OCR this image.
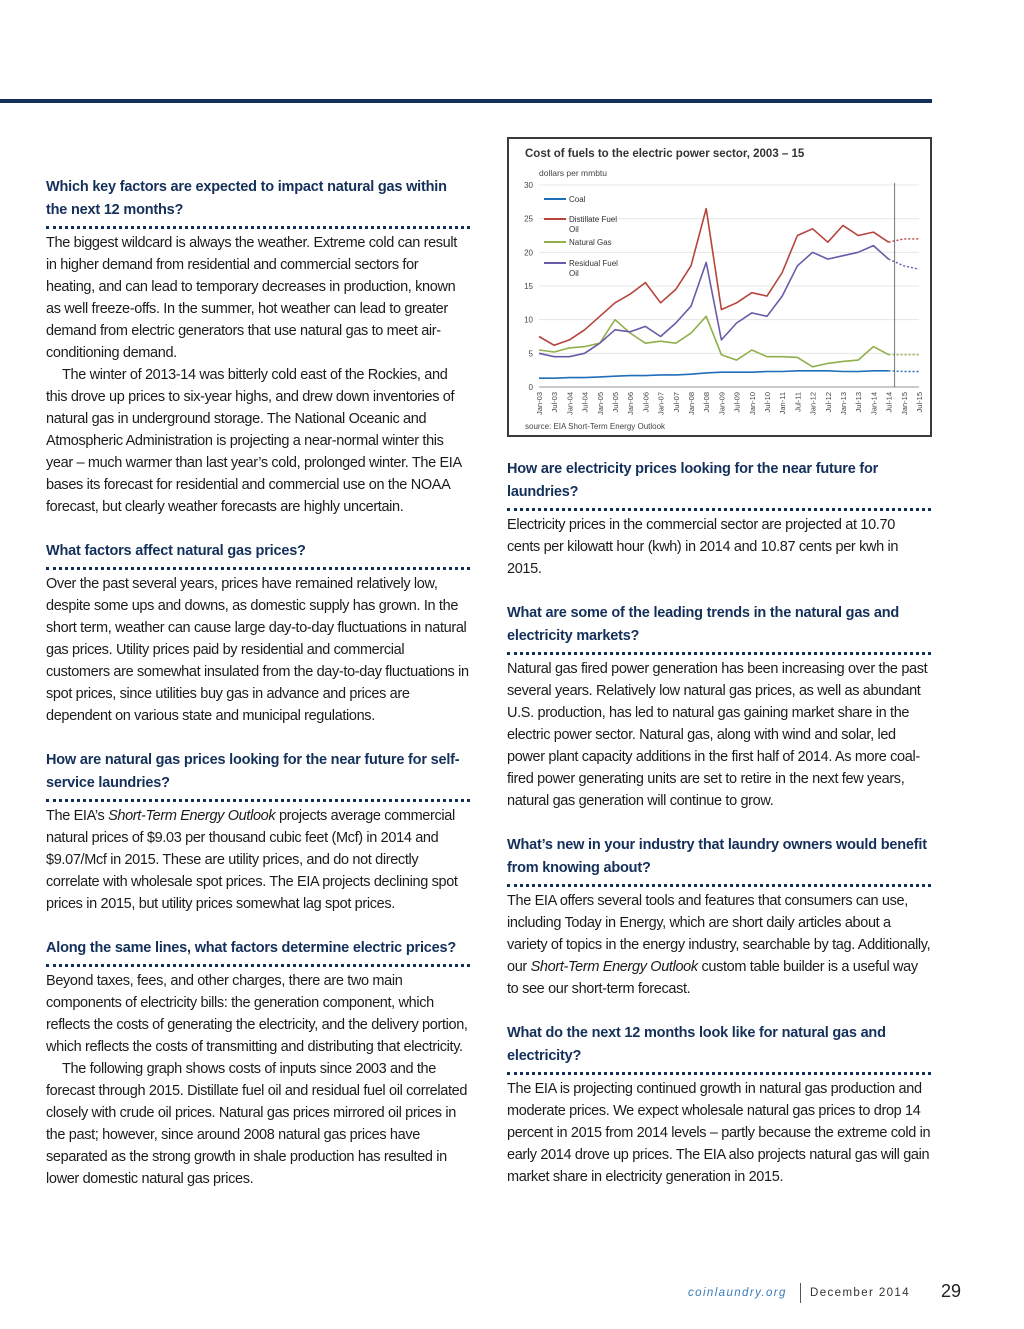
Which key factors are expected to impact natural gas within the next 12 months?
The biggest wildcard is always the weather. Extreme cold can result in higher demand from residential and commercial sectors for heating, and can lead to temporary decreases in production, known as well freeze-offs. In the summer, hot weather can lead to greater demand from electric generators that use natural gas to meet air-conditioning demand.
The winter of 2013-14 was bitterly cold east of the Rockies, and this drove up prices to six-year highs, and drew down inventories of natural gas in underground storage. The National Oceanic and Atmospheric Administration is projecting a near-normal winter this year – much warmer than last year’s cold, prolonged winter. The EIA bases its forecast for residential and commercial use on the NOAA forecast, but clearly weather forecasts are highly uncertain.
What factors affect natural gas prices?
Over the past several years, prices have remained relatively low, despite some ups and downs, as domestic supply has grown. In the short term, weather can cause large day-to-day fluctuations in natural gas prices. Utility prices paid by residential and commercial customers are somewhat insulated from the day-to-day fluctuations in spot prices, since utilities buy gas in advance and prices are dependent on various state and municipal regulations.
How are natural gas prices looking for the near future for self-service laundries?
The EIA’s Short-Term Energy Outlook projects average commercial natural prices of $9.03 per thousand cubic feet (Mcf) in 2014 and $9.07/Mcf in 2015. These are utility prices, and do not directly correlate with wholesale spot prices. The EIA projects declining spot prices in 2015, but utility prices somewhat lag spot prices.
Along the same lines, what factors determine electric prices?
Beyond taxes, fees, and other charges, there are two main components of electricity bills: the generation component, which reflects the costs of generating the electricity, and the delivery portion, which reflects the costs of transmitting and distributing that electricity.
The following graph shows costs of inputs since 2003 and the forecast through 2015. Distillate fuel oil and residual fuel oil correlated closely with crude oil prices. Natural gas prices mirrored oil prices in the past; however, since around 2008 natural gas prices have separated as the strong growth in shale production has resulted in lower domestic natural gas prices.
Cost of fuels to the electric power sector, 2003 – 15
dollars per mmbtu
0
5
10
15
20
25
30
Jan-03 Jul-03 Jan-04 Jul-04 Jan-05 Jul-05 Jan-06 Jul-06 Jan-07 Jul-07 Jan-08 Jul-08 Jan-09 Jul-09 Jan-10 Jul-10 Jan-11 Jul-11 Jan-12 Jul-12 Jan-13 Jul-13 Jan-14 Jul-14 Jan-15 Jul-15
Coal
Distillate Fuel
Oil
Natural Gas
Residual Fuel
Oil
source: EIA Short-Term Energy Outlook
How are electricity prices looking for the near future for laundries?
Electricity prices in the commercial sector are projected at 10.70 cents per kilowatt hour (kwh) in 2014 and 10.87 cents per kwh in 2015.
What are some of the leading trends in the natural gas and electricity markets?
Natural gas fired power generation has been increasing over the past several years. Relatively low natural gas prices, as well as abundant U.S. production, has led to natural gas gaining market share in the electric power sector. Natural gas, along with wind and solar, led power plant capacity additions in the first half of 2014. As more coal-fired power generating units are set to retire in the next few years, natural gas generation will continue to grow.
What’s new in your industry that laundry owners would benefit from knowing about?
The EIA offers several tools and features that consumers can use, including Today in Energy, which are short daily articles about a variety of topics in the energy industry, searchable by tag. Additionally, our Short-Term Energy Outlook custom table builder is a useful way to see our short-term forecast.
What do the next 12 months look like for natural gas and electricity?
The EIA is projecting continued growth in natural gas production and moderate prices. We expect wholesale natural gas prices to drop 14 percent in 2015 from 2014 levels – partly because the extreme cold in early 2014 drove up prices. The EIA also projects natural gas will gain market share in electricity generation in 2015.
coinlaundry.org December 2014 29
